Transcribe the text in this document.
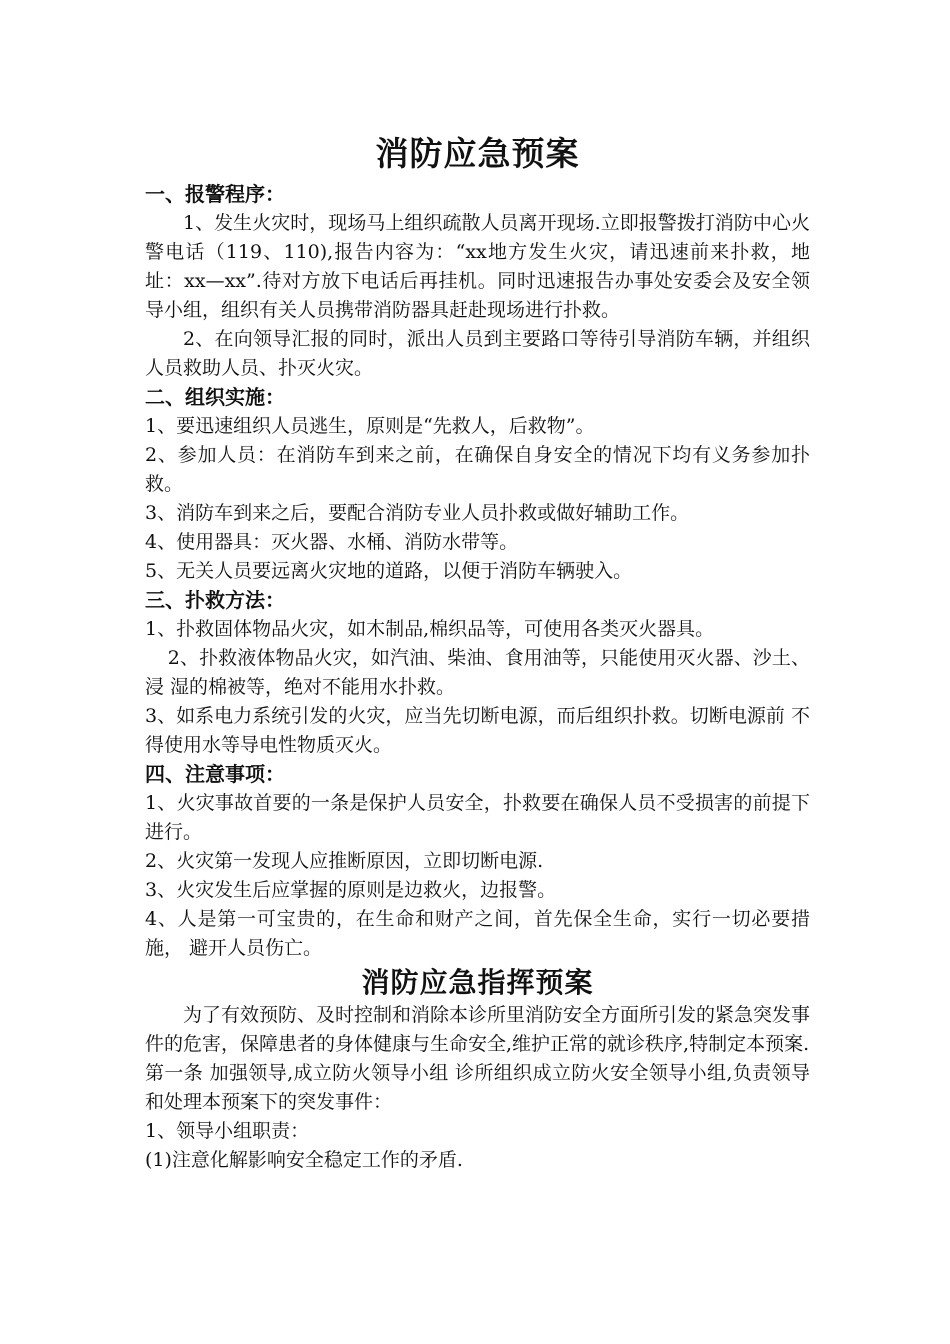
消防应急预案
一、报警程序：

1、发生火灾时，现场马上组织疏散人员离开现场.立即报警拨打消防中心火警电话（119、110),报告内容为：“xx地方发生火灾，请迅速前来扑救，地址：xx—xx”.待对方放下电话后再挂机。同时迅速报告办事处安委会及安全领导小组，组织有关人员携带消防器具赶赴现场进行扑救。

2、在向领导汇报的同时，派出人员到主要路口等待引导消防车辆，并组织人员救助人员、扑灭火灾。

二、组织实施：

1、要迅速组织人员逃生，原则是“先救人，后救物”。

2、参加人员：在消防车到来之前，在确保自身安全的情况下均有义务参加扑救。

3、消防车到来之后，要配合消防专业人员扑救或做好辅助工作。

4、使用器具：灭火器、水桶、消防水带等。

5、无关人员要远离火灾地的道路，以便于消防车辆驶入。

三、扑救方法：

1、扑救固体物品火灾，如木制品,棉织品等，可使用各类灭火器具。

2、扑救液体物品火灾，如汽油、柴油、食用油等，只能使用灭火器、沙土、浸 湿的棉被等，绝对不能用水扑救。

3、如系电力系统引发的火灾，应当先切断电源，而后组织扑救。切断电源前 不得使用水等导电性物质灭火。

四、注意事项：

1、火灾事故首要的一条是保护人员安全，扑救要在确保人员不受损害的前提下进行。

2、火灾第一发现人应推断原因，立即切断电源.

3、火灾发生后应掌握的原则是边救火，边报警。

4、人是第一可宝贵的，在生命和财产之间，首先保全生命，实行一切必要措施， 避开人员伤亡。

消防应急指挥预案

为了有效预防、及时控制和消除本诊所里消防安全方面所引发的紧急突发事件的危害，保障患者的身体健康与生命安全,维护正常的就诊秩序,特制定本预案.

第一条 加强领导,成立防火领导小组 诊所组织成立防火安全领导小组,负责领导和处理本预案下的突发事件：

1、领导小组职责：

(1)注意化解影响安全稳定工作的矛盾.
